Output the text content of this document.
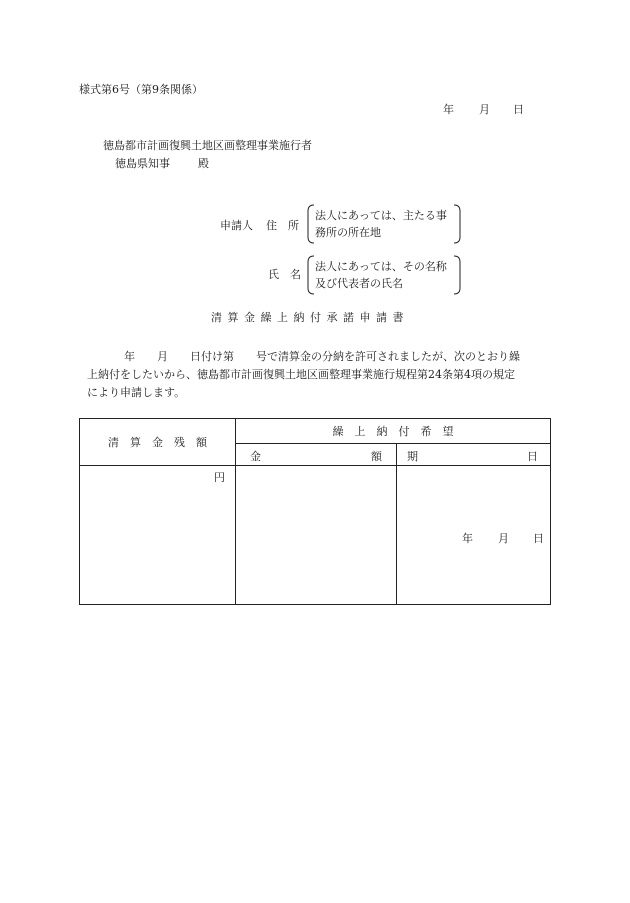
様式第6号（第9条関係）
年 月 日
徳島都市計画復興土地区画整理事業施行者
徳島県知事	殿
申請人 住　所
法人にあっては、主たる事
務所の所在地
氏　名
法人にあっては、その名称
及び代表者の氏名
清 算 金 繰 上 納 付 承 諾 申 請 書
年　　月　　日付け第　　号で清算金の分納を許可されましたが、次のとおり繰
上納付をしたいから、徳島都市計画復興土地区画整理事業施行規程第24条第4項の規定
により申請します。
清　算　金　残　額	繰　上　納　付　希　望	

	金 額	期 日

円		年 月 日
